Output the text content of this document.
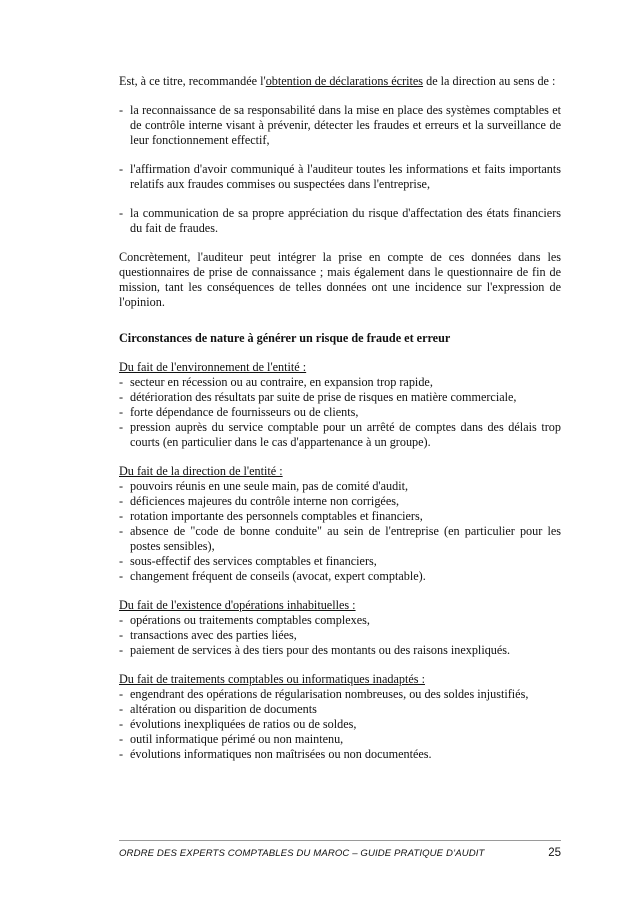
Est, à ce titre, recommandée l'obtention de déclarations écrites de la direction au sens de :

- la reconnaissance de sa responsabilité dans la mise en place des systèmes comptables et de contrôle interne visant à prévenir, détecter les fraudes et erreurs et la surveillance de leur fonctionnement effectif,
- l'affirmation d'avoir communiqué à l'auditeur toutes les informations et faits importants relatifs aux fraudes commises ou suspectées dans l'entreprise,
- la communication de sa propre appréciation du risque d'affectation des états financiers du fait de fraudes.

Concrètement, l'auditeur peut intégrer la prise en compte de ces données dans les questionnaires de prise de connaissance ; mais également dans le questionnaire de fin de mission, tant les conséquences de telles données ont une incidence sur l'expression de l'opinion.

Circonstances de nature à générer un risque de fraude et erreur

Du fait de l'environnement de l'entité :

- secteur en récession ou au contraire, en expansion trop rapide,
- détérioration des résultats par suite de prise de risques en matière commerciale,
- forte dépendance de fournisseurs ou de clients,
- pression auprès du service comptable pour un arrêté de comptes dans des délais trop courts (en particulier dans le cas d'appartenance à un groupe).

Du fait de la direction de l'entité :

- pouvoirs réunis en une seule main, pas de comité d'audit,
- déficiences majeures du contrôle interne non corrigées,
- rotation importante des personnels comptables et financiers,
- absence de "code de bonne conduite" au sein de l'entreprise (en particulier pour les postes sensibles),
- sous-effectif des services comptables et financiers,
- changement fréquent de conseils (avocat, expert comptable).

Du fait de l'existence d'opérations inhabituelles :

- opérations ou traitements comptables complexes,
- transactions avec des parties liées,
- paiement de services à des tiers pour des montants ou des raisons inexpliqués.

Du fait de traitements comptables ou informatiques inadaptés :

- engendrant des opérations de régularisation nombreuses, ou des soldes injustifiés,
- altération ou disparition de documents
- évolutions inexpliquées de ratios ou de soldes,
- outil informatique périmé ou non maintenu,
- évolutions informatiques non maîtrisées ou non documentées.
ORDRE DES EXPERTS COMPTABLES DU MAROC – GUIDE PRATIQUE D’AUDIT	25
